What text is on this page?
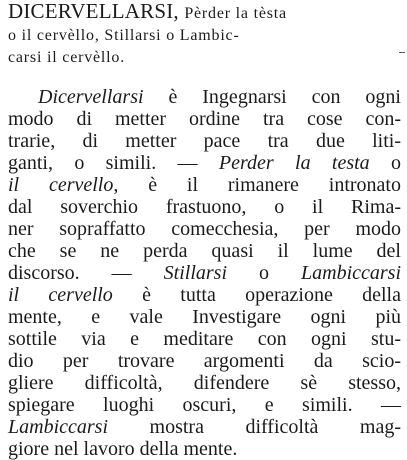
DICERVELLARSI, Pèrder la tèsta
o il cervèllo, Stillarsi o Lambic-
carsi il cervèllo.
Dicervellarsi è Ingegnarsi con ogni
modo di metter ordine tra cose con-
trarie, di metter pace tra due liti-
ganti, o simili. — Perder la testa o
il cervello, è il rimanere intronato
dal soverchio frastuono, o il Rima-
ner sopraffatto comecchesia, per modo
che se ne perda quasi il lume del
discorso. — Stillarsi o Lambiccarsi
il cervello è tutta operazione della
mente, e vale Investigare ogni più
sottile via e meditare con ogni stu-
dio per trovare argomenti da scio-
gliere difficoltà, difendere sè stesso,
spiegare luoghi oscuri, e simili. —
Lambiccarsi mostra difficoltà mag-
giore nel lavoro della mente.
